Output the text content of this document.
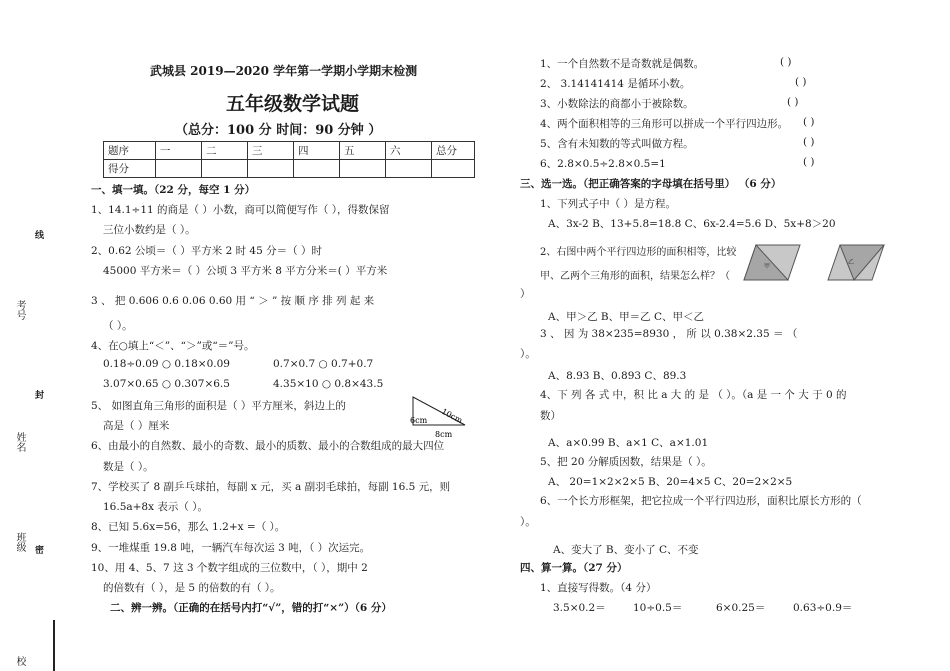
考号
姓名
班级
校
线
封
密
武城县 2019—2020 学年第一学期小学期末检测
五年级数学试题
（总分：100 分 时间：90 分钟 ）
题序	一	二	三	四	五	六	总分
得分							
一、填一填。（22 分，每空 1 分）
1、14.1÷11 的商是（ ）小数，商可以简便写作（ ），得数保留
三位小数约是（ ）。
2、0.62 公顷＝（ ）平方米 2 时 45 分＝（ ）时
45000 平方米＝（ ）公顷 3 平方米 8 平方分米＝( ）平方米
3 、 把 0.606 0.6 0.06 0.60 用 “ ＞ ” 按 顺 序 排 列 起 来
（ ）。
4、在○填上“＜”、“＞”或“＝”号。
0.18÷0.09 ○ 0.18×0.09	0.7×0.7 ○ 0.7+0.7
3.07×0.65 ○ 0.307×6.5	4.35×10 ○ 0.8×43.5
5、 如图直角三角形的面积是（ ）平方厘米，斜边上的
高是（ ）厘米
10cm
6cm
8cm
6、由最小的自然数、最小的奇数、最小的质数、最小的合数组成的最大四位
数是（ ）。
7、学校买了 8 副乒乓球拍，每副 x 元，买 a 副羽毛球拍，每副 16.5 元，则
16.5a+8x 表示（ ）。
8、已知 5.6x=56，那么 1.2+x =（ ）。
9、一堆煤重 19.8 吨，一辆汽车每次运 3 吨，（ ）次运完。
10、用 4、5、7 这 3 个数字组成的三位数中，（ ），期中 2
的倍数有（ ），是 5 的倍数的有（ ）。
二、辨一辨。（正确的在括号内打“√”，错的打“×”）（6 分）
1、一个自然数不是奇数就是偶数。	( )
2、 3.14141414 是循环小数。	( )
3、小数除法的商都小于被除数。	( )
4、两个面积相等的三角形可以拼成一个平行四边形。 ( )
5、含有未知数的等式叫做方程。	( )
6、2.8×0.5÷2.8×0.5=1	( )
三、选一选。（把正确答案的字母填在括号里） （6 分）
1、下列式子中（ ）是方程。
A、3x-2 B、13+5.8=18.8 C、6x-2.4=5.6 D、5x+8＞20
2、右图中两个平行四边形的面积相等，比较
甲、乙两个三角形的面积，结果怎么样？（
）
甲
乙
A、甲＞乙 B、甲＝乙 C、甲＜乙
3 、 因 为 38×235=8930 ， 所 以 0.38×2.35 ＝ （
）。
A、8.93 B、0.893 C、89.3
4、下 列 各 式 中，积 比 a 大 的 是 （ ）。（a 是 一 个 大 于 0 的
数）
A、a×0.99 B、a×1 C、a×1.01
5、把 20 分解质因数，结果是（ ）。
A、 20=1×2×2×5 B、20=4×5 C、20=2×2×5
6、一个长方形框架，把它拉成一个平行四边形，面积比原长方形的（
）。
A、变大了 B、变小了 C、不变
四、算一算。（27 分）
1、直接写得数。（4 分）
3.5×0.2＝	10÷0.5＝	6×0.25＝	0.63÷0.9＝
